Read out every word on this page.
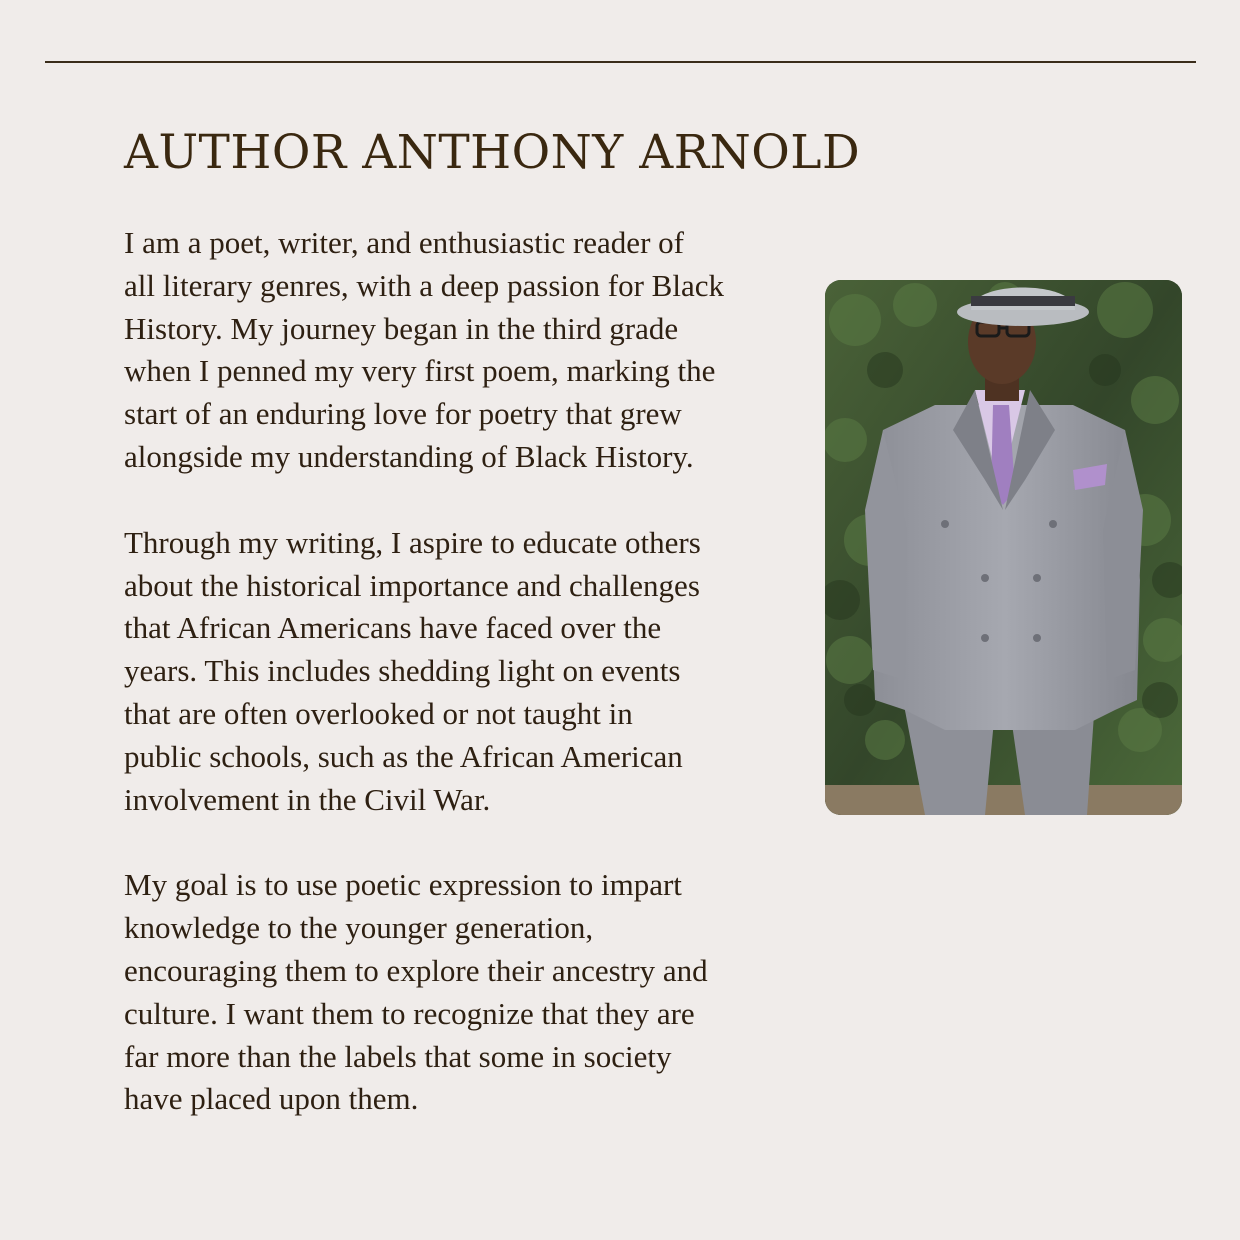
AUTHOR ANTHONY ARNOLD

I am a poet, writer, and enthusiastic reader of
all literary genres, with a deep passion for Black
History. My journey began in the third grade
when I penned my very first poem, marking the
start of an enduring love for poetry that grew
alongside my understanding of Black History.

Through my writing, I aspire to educate others
about the historical importance and challenges
that African Americans have faced over the
years. This includes shedding light on events
that are often overlooked or not taught in
public schools, such as the African American
involvement in the Civil War.

My goal is to use poetic expression to impart
knowledge to the younger generation,
encouraging them to explore their ancestry and
culture. I want them to recognize that they are
far more than the labels that some in society
have placed upon them.
